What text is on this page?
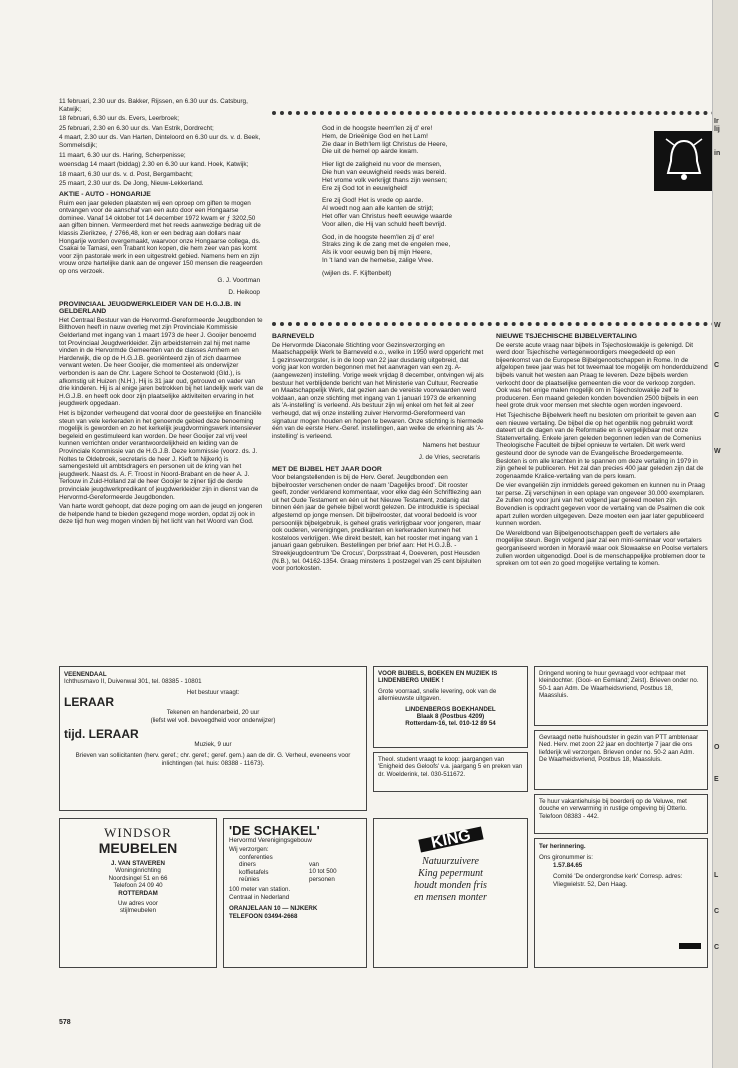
11 februari, 2.30 uur ds. Bakker, Rijssen, en 6.30 uur ds. Catsburg, Katwijk;

18 februari, 6.30 uur ds. Evers, Leerbroek;

25 februari, 2.30 en 6.30 uur ds. Van Estrik, Dordrecht;

4 maart, 2.30 uur ds. Van Harten, Dinteloord en 6.30 uur ds. v. d. Beek, Sommelsdijk;

11 maart, 6.30 uur ds. Haring, Scherpenisse;

woensdag 14 maart (biddag) 2.30 en 6.30 uur kand. Hoek, Katwijk;

18 maart, 6.30 uur ds. v. d. Post, Bergambacht;

25 maart, 2.30 uur ds. De Jong, Nieuw-Lekkerland.

AKTIE - AUTO - HONGARIJE

Ruim een jaar geleden plaatsten wij een oproep om giften te mogen ontvangen voor de aanschaf van een auto door een Hongaarse dominee. Vanaf 14 oktober tot 14 december 1972 kwam er ƒ 3202,50 aan giften binnen. Vermeerderd met het reeds aanwezige bedrag uit de klassis Zierikzee, ƒ 2766,48, kon er een bedrag aan dollars naar Hongarije worden overgemaakt, waarvoor onze Hongaarse collega, ds. Csakai te Tamasi, een Trabant kon kopen, die hem zeer van pas komt voor zijn pastorale werk in een uitgestrekt gebied. Namens hem en zijn vrouw onze hartelijke dank aan de ongever 150 mensen die reageerden op ons verzoek.

G. J. Voortman
D. Heikoop
PROVINCIAAL JEUGDWERKLEIDER VAN DE H.G.J.B. IN GELDERLAND

Het Centraal Bestuur van de Hervormd-Gereformeerde Jeugdbonden te Bilthoven heeft in nauw overleg met zijn Provinciale Kommissie Gelderland met ingang van 1 maart 1973 de heer J. Gooijer benoemd tot Provinciaal Jeugdwerkleider. Zijn arbeidsterrein zal hij met name vinden in de Hervormde Gemeenten van de classes Arnhem en Harderwijk, die op de H.G.J.B. georiënteerd zijn of zich daarmee verwant weten. De heer Gooijer, die momenteel als onderwijzer verbonden is aan de Chr. Lagere School te Oosterwold (Gld.), is afkomstig uit Huizen (N.H.). Hij is 31 jaar oud, getrouwd en vader van drie kinderen. Hij is al enige jaren betrokken bij het landelijk werk van de H.G.J.B. en heeft ook door zijn plaatselijke aktiviteiten ervaring in het jeugdwerk opgedaan.

Het is bijzonder verheugend dat vooral door de geestelijke en financiële steun van vele kerkeraden in het genoemde gebied deze benoeming mogelijk is geworden en zo het kerkelijk jeugdvormingswerk intensiever begeleid en gestimuleerd kan worden. De heer Gooijer zal vrij veel kunnen verrichten onder verantwoordelijkheid en leiding van de Provinciale Kommissie van de H.G.J.B. Deze kommissie (voorz. ds. J. Noltes te Oldebroek, secretaris de heer J. Kieft te Nijkerk) is samengesteld uit ambtsdragers en personen uit de kring van het jeugdwerk. Naast ds. A. F. Troost in Noord-Brabant en de heer A. J. Terlouw in Zuid-Holland zal de heer Gooijer te zijner tijd de derde provinciale jeugdwerkpredikant of jeugdwerkleider zijn in dienst van de Hervormd-Gereformeerde Jeugdbonden.

Van harte wordt gehoopt, dat deze poging om aan de jeugd en jongeren de helpende hand te bieden gezegend moge worden, opdat zij ook in deze tijd hun weg mogen vinden bij het licht van het Woord van God.

God in de hoogste heem'len zij d' ere!
Hem, de Drieënige God en het Lam!
Zie daar in Beth'lem ligt Christus de Heere,
Die uit de hemel op aarde kwam.
Hier ligt de zaligheid nu voor de mensen,
Die hun van eeuwigheid reeds was bereid.
Het vrome volk verkrijgt thans zijn wensen;
Ere zij God tot in eeuwigheid!
Ere zij God! Het is vrede op aarde.
Al woedt nog aan alle kanten de strijd;
Het offer van Christus heeft eeuwige waarde
Voor allen, die Hij van schuld heeft bevrijd.
God, in de hoogste heem'len zij d' ere!
Straks zing ik de zang met de engelen mee,
Als ik voor eeuwig ben bij mijn Heere,
In 't land van de hemelse, zalige Vree.
(wijlen ds. F. Kijftenbelt)
BARNEVELD

De Hervormde Diaconale Stichting voor Gezinsverzorging en Maatschappelijk Werk te Barneveld e.o., welke in 1950 werd opgericht met 1 gezinsverzorgster, is in de loop van 22 jaar dusdanig uitgebreid, dat vorig jaar kon worden begonnen met het aanvragen van een zg. A-(aangewezen) instelling. Vorige week vrijdag 8 december, ontvingen wij als bestuur het verblijdende bericht van het Ministerie van Cultuur, Recreatie en Maatschappelijk Werk, dat gezien aan de vereiste voorwaarden werd voldaan, aan onze stichting met ingang van 1 januari 1973 de erkenning als 'A-instelling' is verleend. Als bestuur zijn wij enkel om het feit al zeer verheugd, dat wij onze instelling zuiver Hervormd-Gereformeerd van signatuur mogen houden en hopen te bewaren. Onze stichting is hiermede één van de eerste Herv.-Geref. instellingen, aan welke de erkenning als 'A-instelling' is verleend.

Namens het bestuur
J. de Vries, secretaris
MET DE BIJBEL HET JAAR DOOR

Voor belangstellenden is bij de Herv. Geref. Jeugdbonden een bijbelrooster verschenen onder de naam 'Dagelijks brood'. Dit rooster geeft, zonder verklarend kommentaar, voor elke dag één Schriftlezing aan uit het Oude Testament en één uit het Nieuwe Testament, zodanig dat binnen één jaar de gehele bijbel wordt gelezen. De introduktie is speciaal afgestemd op jonge mensen. Dit bijbelrooster, dat vooral bedoeld is voor persoonlijk bijbelgebruik, is geheel gratis verkrijgbaar voor jongeren, maar ook ouderen, verenigingen, predikanten en kerkeraden kunnen het kosteloos verkrijgen. Wie direkt bestelt, kan het rooster met ingang van 1 januari gaan gebruiken. Bestellingen per brief aan: Het H.G.J.B. - Streekjeugdcentrum 'De Crocus', Dorpsstraat 4, Doeveren, post Heusden (N.B.), tel. 04162-1354. Graag minstens 1 postzegel van 25 cent bijsluiten voor portokosten.

NIEUWE TSJECHISCHE BIJBELVERTALING

De eerste acute vraag naar bijbels in Tsjechoslowakije is gelenigd. Dit werd door Tsjechische vertegenwoordigers meegedeeld op een bijeenkomst van de Europese Bijbelgenootschappen in Rome. In de afgelopen twee jaar was het tot tweemaal toe mogelijk om honderdduizend bijbels vanuit het westen aan Praag te leveren. Deze bijbels werden verkocht door de plaatselijke gemeenten die voor de verkoop zorgden. Ook was het enige malen mogelijk om in Tsjechoslowakije zelf te produceren. Een maand geleden konden bovendien 2500 bijbels in een heel grote druk voor mensen met slechte ogen worden ingevoerd.

Het Tsjechische Bijbelwerk heeft nu besloten om prioriteit te geven aan een nieuwe vertaling. De bijbel die op het ogenblik nog gebruikt wordt dateert uit de dagen van de Reformatie en is vergelijkbaar met onze Statenvertaling. Enkele jaren geleden begonnen leden van de Comenius Theologische Faculteit de bijbel opnieuw te vertalen. Dit werk werd gesteund door de synode van de Evangelische Broedergemeente. Besloten is om alle krachten in te spannen om deze vertaling in 1979 in zijn geheel te publiceren. Het zal dan precies 400 jaar geleden zijn dat de zogenaamde Kralice-vertaling van de pers kwam.

De vier evangeliën zijn inmiddels gereed gekomen en kunnen nu in Praag ter perse. Zij verschijnen in een oplage van ongeveer 30.000 exemplaren. Ze zullen nog voor juni van het volgend jaar gereed moeten zijn. Bovendien is opdracht gegeven voor de vertaling van de Psalmen die ook apart zullen worden uitgegeven. Deze moeten een jaar later gepubliceerd kunnen worden.

De Wereldbond van Bijbelgenootschappen geeft de vertalers alle mogelijke steun. Begin volgend jaar zal een mini-seminaar voor vertalers georganiseerd worden in Moravië waar ook Slowaakse en Poolse vertalers zullen worden uitgenodigd. Doel is de menschappelijke problemen door te spreken om tot een zo goed mogelijke vertaling te komen.

VEENENDAAL
Ichthusmavo II, Duivenwal 301, tel. 08385 - 10801
Het bestuur vraagt:
LERAAR
Tekenen en handenarbeid, 20 uur
(liefst wel voll. bevoegdheid voor onderwijzer)
tijd. LERAAR
Muziek, 9 uur
Brieven van sollicitanten (herv. geref.; chr. geref.; geref. gem.) aan de dir. G. Verheul, eveneens voor inlichtingen (tel. huis: 08388 - 11673).
WINDSOR
MEUBELEN
J. VAN STAVEREN
Woninginrichting
Noordsingel 51 en 66
Telefoon 24 09 40
ROTTERDAM
Uw adres voor
stijlmeubelen
'DE SCHAKEL'
Hervormd Verenigingsgebouw
Wij verzorgen:
conferenties
diners
koffietafels
reünies
van
10 tot 500
personen
100 meter van station.
Centraal in Nederland
ORANJELAAN 10 — NIJKERK
TELEFOON 03494-2668
VOOR BIJBELS, BOEKEN EN MUZIEK IS LINDENBERG UNIEK !
Grote voorraad, snelle levering, ook van de allernieuwste uitgaven.
LINDENBERGS BOEKHANDEL
Blaak 8 (Postbus 4209)
Rotterdam-16, tel. 010-12 89 54
Theol. student vraagt te koop: jaargangen van 'Enigheid des Geloofs' v.a. jaargang 5 en preken van dr. Woelderink, tel. 030-511672.
KING
Natuurzuivere
King pepermunt
houdt monden fris
en mensen monter
Dringend woning te huur gevraagd voor echtpaar met kleindochter. (Gooi- en Eemland; Zeist). Brieven onder no. 50-1 aan Adm. De Waarheidsvriend, Postbus 18, Maassluis.
Gevraagd nette huishoudster in gezin van PTT ambtenaar Ned. Herv. met zoon 22 jaar en dochtertje 7 jaar die ons liefderijk wil verzorgen. Brieven onder no. 50-2 aan Adm. De Waarheidsvriend, Postbus 18, Maassluis.
Te huur vakantiehuisje bij boerderij op de Veluwe, met douche en verwarming in rustige omgeving bij Otterlo. Telefoon 08383 - 442.
Ter herinnering.
Ons gironummer is:
1.57.84.65
Comité 'De ondergrondse kerk' Corresp. adres: Vliegwielstr. 52, Den Haag.
578
Ir
lij
in
W
C
C
W
E
O
C
L
C
